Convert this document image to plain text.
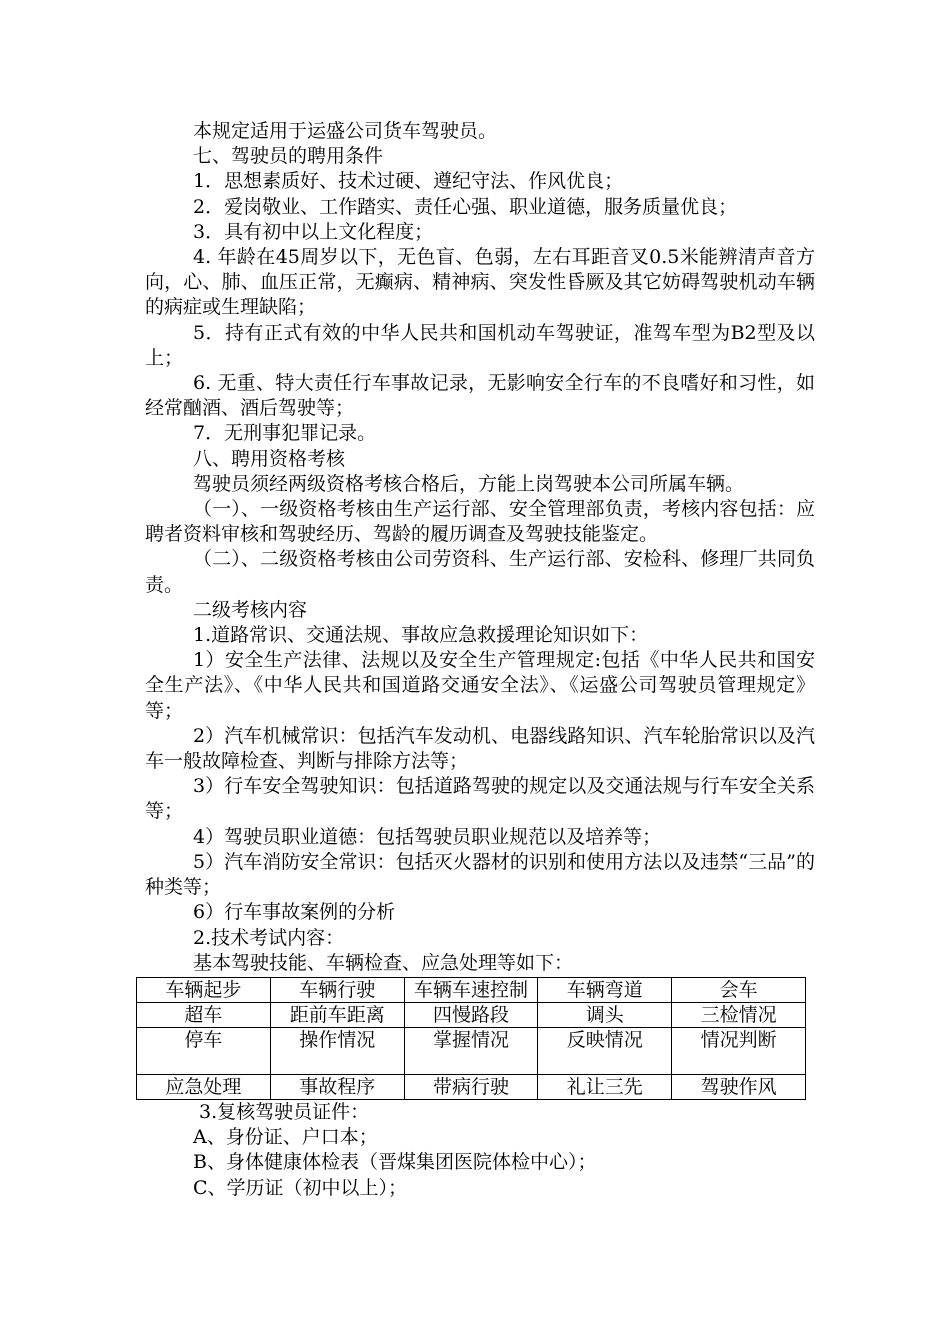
本规定适用于运盛公司货车驾驶员。

七、驾驶员的聘用条件

1．思想素质好、技术过硬、遵纪守法、作风优良；

2．爱岗敬业、工作踏实、责任心强、职业道德，服务质量优良；

3．具有初中以上文化程度；

4. 年龄在45周岁以下，无色盲、色弱，左右耳距音叉0.5米能辨清声音方向，心、肺、血压正常，无癫病、精神病、突发性昏厥及其它妨碍驾驶机动车辆的病症或生理缺陷；

5．持有正式有效的中华人民共和国机动车驾驶证，准驾车型为B2型及以上；

6. 无重、特大责任行车事故记录，无影响安全行车的不良嗜好和习性，如经常酗酒、酒后驾驶等；

7．无刑事犯罪记录。

八、聘用资格考核

驾驶员须经两级资格考核合格后，方能上岗驾驶本公司所属车辆。

（一）、一级资格考核由生产运行部、安全管理部负责，考核内容包括：应聘者资料审核和驾驶经历、驾龄的履历调查及驾驶技能鉴定。

（二）、二级资格考核由公司劳资科、生产运行部、安检科、修理厂共同负责。

二级考核内容

1.道路常识、交通法规、事故应急救援理论知识如下：

1）安全生产法律、法规以及安全生产管理规定:包括《中华人民共和国安全生产法》、《中华人民共和国道路交通安全法》、《运盛公司驾驶员管理规定》等；

2）汽车机械常识：包括汽车发动机、电器线路知识、汽车轮胎常识以及汽车一般故障检查、判断与排除方法等；

3）行车安全驾驶知识：包括道路驾驶的规定以及交通法规与行车安全关系等；

4）驾驶员职业道德：包括驾驶员职业规范以及培养等；

5）汽车消防安全常识：包括灭火器材的识别和使用方法以及违禁“三品”的种类等；

6）行车事故案例的分析

2.技术考试内容：

基本驾驶技能、车辆检查、应急处理等如下：

车辆起步	车辆行驶	车辆车速控制	车辆弯道	会车
超车	距前车距离	四慢路段	调头	三检情况
停车	操作情况	掌握情况	反映情况	情况判断
应急处理	事故程序	带病行驶	礼让三先	驾驶作风

3.复核驾驶员证件：

A、身份证、户口本；

B、身体健康体检表（晋煤集团医院体检中心）；

C、学历证（初中以上）；
